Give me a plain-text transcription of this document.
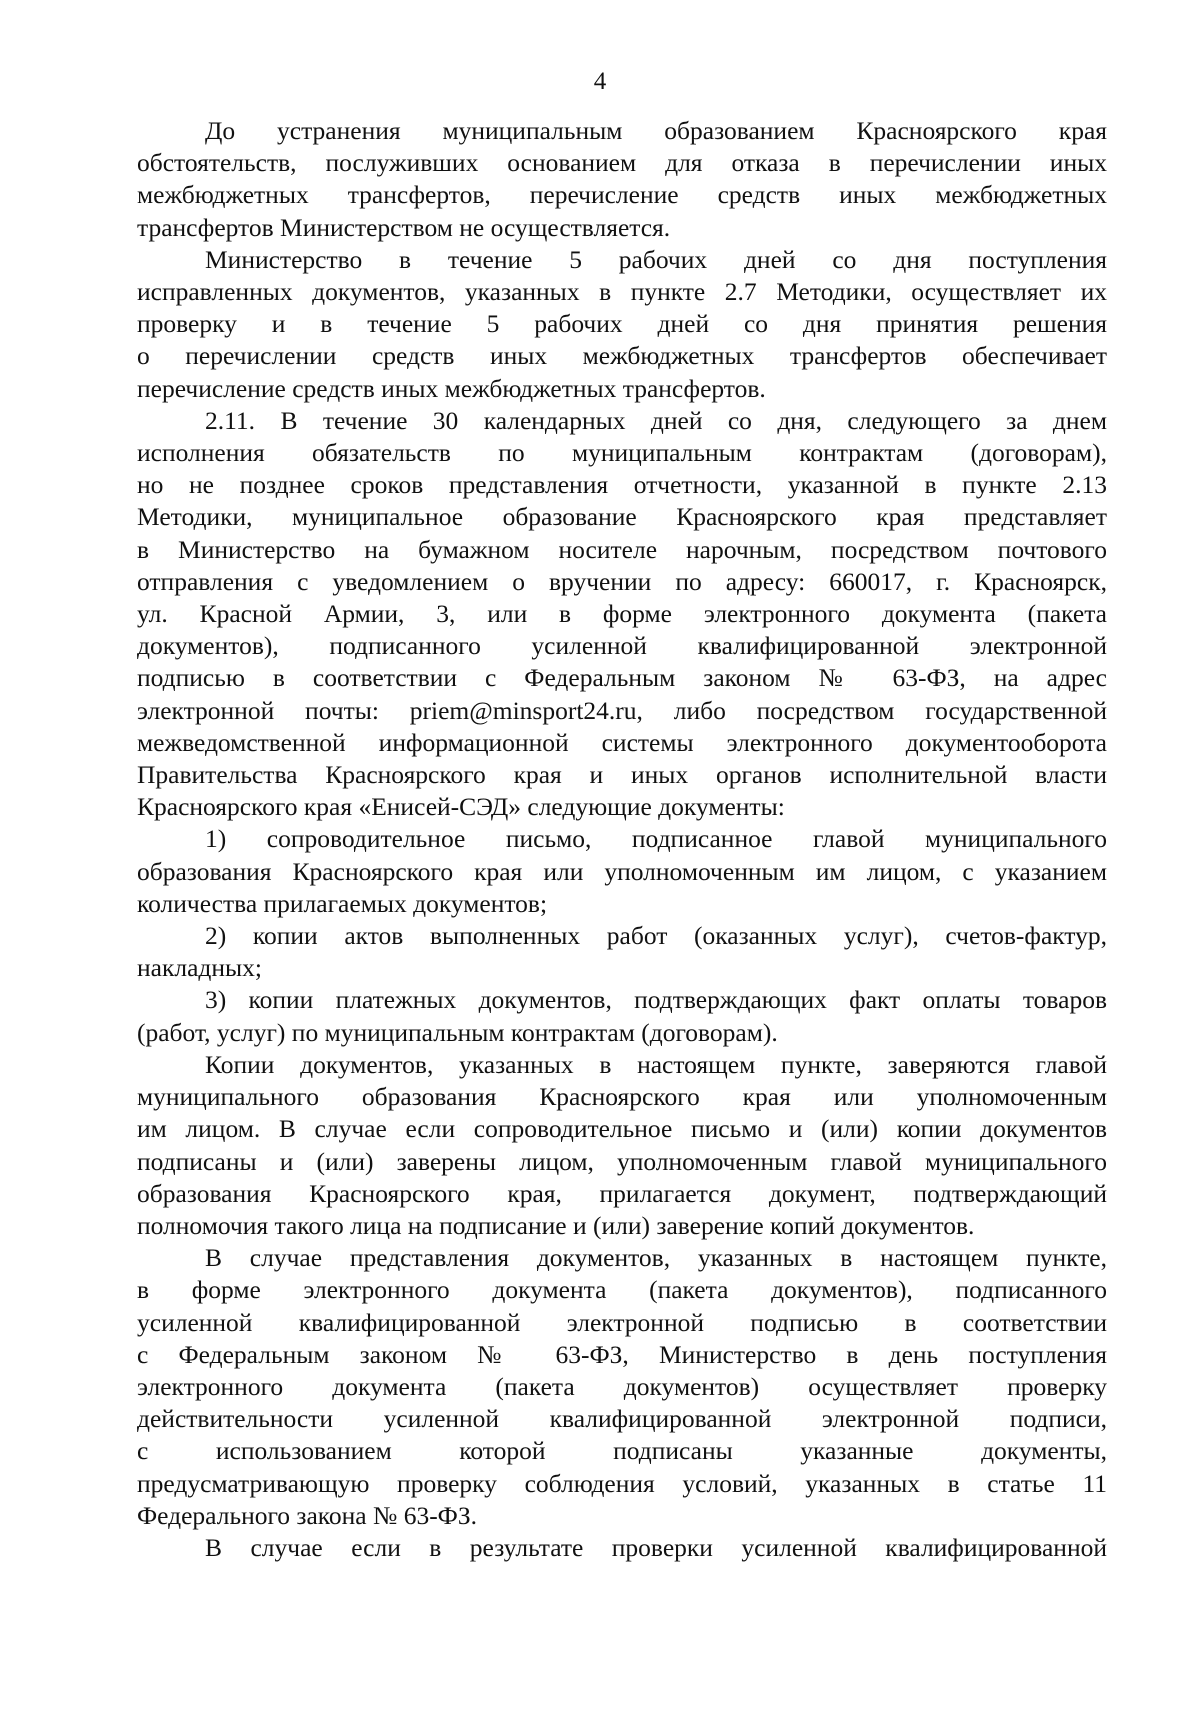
4
До устранения муниципальным образованием Красноярского края
обстоятельств, послуживших основанием для отказа в перечислении иных
межбюджетных трансфертов, перечисление средств иных межбюджетных
трансфертов Министерством не осуществляется.
Министерство в течение 5 рабочих дней со дня поступления
исправленных документов, указанных в пункте 2.7 Методики, осуществляет их
проверку и в течение 5 рабочих дней со дня принятия решения
о перечислении средств иных межбюджетных трансфертов обеспечивает
перечисление средств иных межбюджетных трансфертов.
2.11. В течение 30 календарных дней со дня, следующего за днем
исполнения обязательств по муниципальным контрактам (договорам),
но не позднее сроков представления отчетности, указанной в пункте 2.13
Методики, муниципальное образование Красноярского края представляет
в Министерство на бумажном носителе нарочным, посредством почтового
отправления с уведомлением о вручении по адресу: 660017, г. Красноярск,
ул. Красной Армии, 3, или в форме электронного документа (пакета
документов), подписанного усиленной квалифицированной электронной
подписью в соответствии с Федеральным законом № 63-ФЗ, на адрес
электронной почты: priem@minsport24.ru, либо посредством государственной
межведомственной информационной системы электронного документооборота
Правительства Красноярского края и иных органов исполнительной власти
Красноярского края «Енисей-СЭД» следующие документы:
1) сопроводительное письмо, подписанное главой муниципального
образования Красноярского края или уполномоченным им лицом, с указанием
количества прилагаемых документов;
2) копии актов выполненных работ (оказанных услуг), счетов-фактур,
накладных;
3) копии платежных документов, подтверждающих факт оплаты товаров
(работ, услуг) по муниципальным контрактам (договорам).
Копии документов, указанных в настоящем пункте, заверяются главой
муниципального образования Красноярского края или уполномоченным
им лицом. В случае если сопроводительное письмо и (или) копии документов
подписаны и (или) заверены лицом, уполномоченным главой муниципального
образования Красноярского края, прилагается документ, подтверждающий
полномочия такого лица на подписание и (или) заверение копий документов.
В случае представления документов, указанных в настоящем пункте,
в форме электронного документа (пакета документов), подписанного
усиленной квалифицированной электронной подписью в соответствии
с Федеральным законом № 63-ФЗ, Министерство в день поступления
электронного документа (пакета документов) осуществляет проверку
действительности усиленной квалифицированной электронной подписи,
с использованием которой подписаны указанные документы,
предусматривающую проверку соблюдения условий, указанных в статье 11
Федерального закона № 63-ФЗ.
В случае если в результате проверки усиленной квалифицированной
